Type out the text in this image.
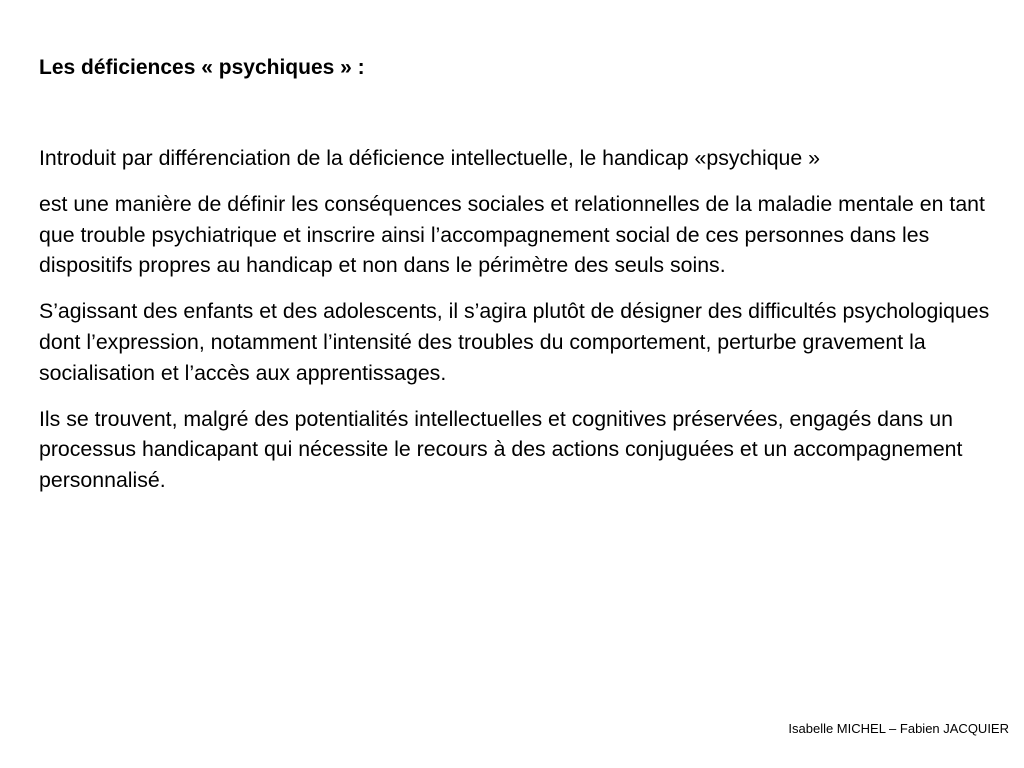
Les déficiences « psychiques » :

Introduit par différenciation de la déficience intellectuelle, le handicap «psychique »

est une manière de définir les conséquences sociales et relationnelles de la maladie mentale en tant que trouble psychiatrique et inscrire ainsi l’accompagnement social de ces personnes dans les dispositifs propres au handicap et non dans le périmètre des seuls soins.

S’agissant des enfants et des adolescents, il s’agira plutôt de désigner des difficultés psychologiques dont l’expression, notamment l’intensité des troubles du comportement, perturbe gravement la socialisation et l’accès aux apprentissages.

Ils se trouvent, malgré des potentialités intellectuelles et cognitives préservées, engagés dans un processus handicapant qui nécessite le recours à des actions conjuguées et un accompagnement personnalisé.

Isabelle MICHEL – Fabien JACQUIER
